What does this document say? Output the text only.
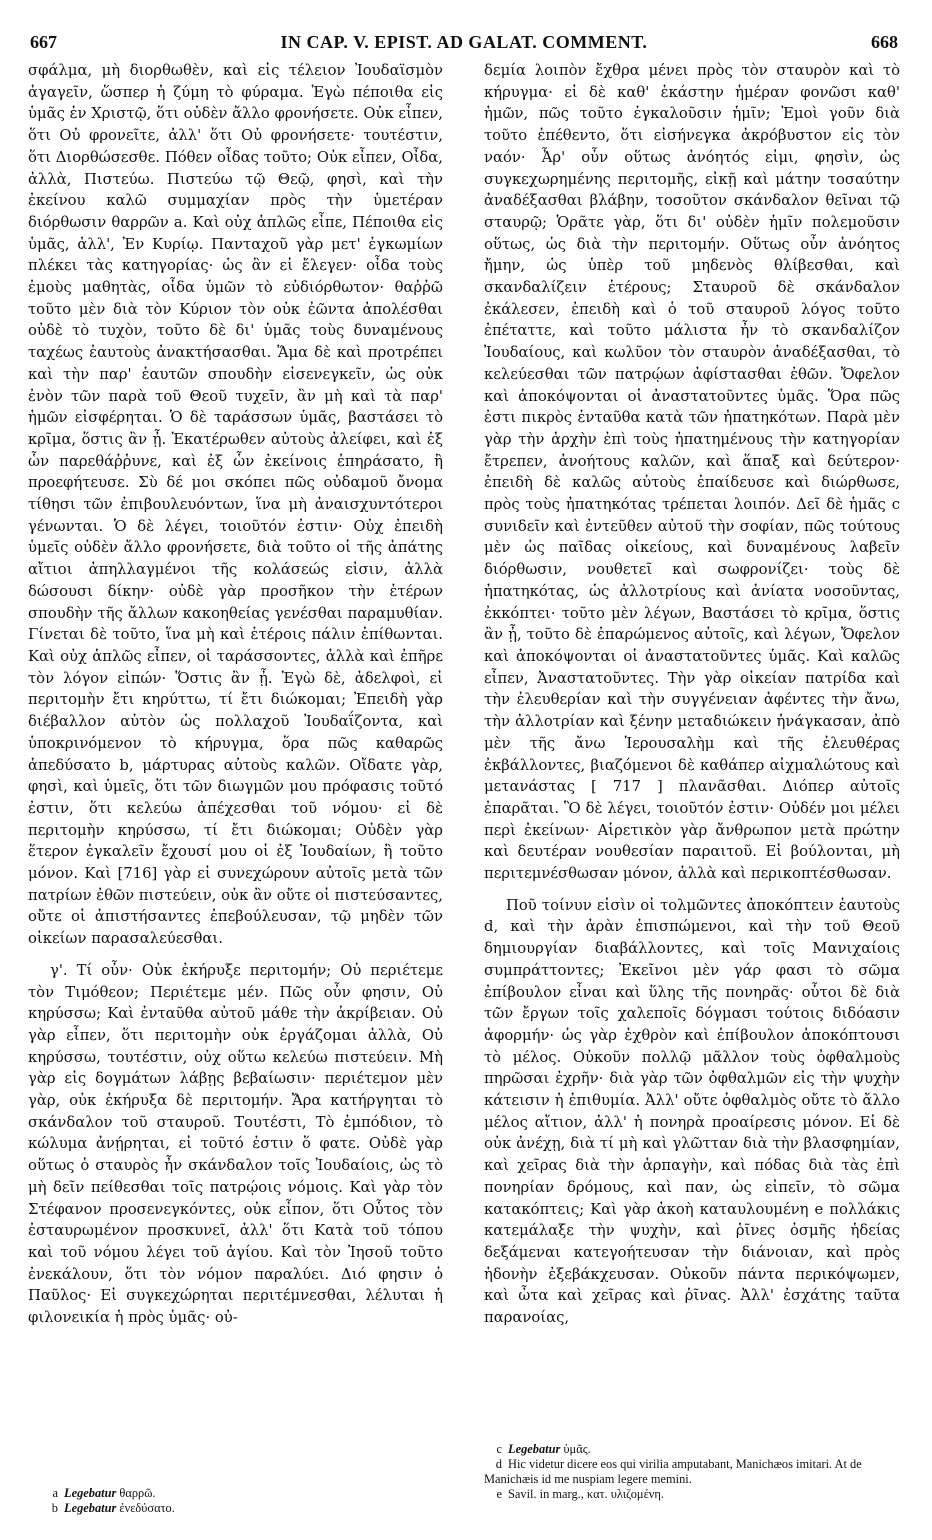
667	IN CAP. V. EPIST. AD GALAT. COMMENT.	668

σφάλμα, μὴ διορθωθὲν, καὶ εἰς τέλειον Ἰουδαϊσμὸν ἀγαγεῖν, ὥσπερ ἡ ζύμη τὸ φύραμα. Ἐγὼ πέποιθα εἰς ὑμᾶς ἐν Χριστῷ, ὅτι οὐδὲν ἄλλο φρονήσετε. Οὐκ εἶπεν, ὅτι Οὐ φρονεῖτε, ἀλλ' ὅτι Οὐ φρονήσετε· τουτέστιν, ὅτι Διορθώσεσθε. Πόθεν οἶδας τοῦτο; Οὐκ εἶπεν, Οἶδα, ἀλλὰ, Πιστεύω. Πιστεύω τῷ Θεῷ, φησὶ, καὶ τὴν ἐκείνου καλῶ συμμαχίαν πρὸς τὴν ὑμετέραν διόρθωσιν θαρρῶν a. Καὶ οὐχ ἁπλῶς εἶπε, Πέποιθα εἰς ὑμᾶς, ἀλλ', Ἐν Κυρίῳ. Πανταχοῦ γὰρ μετ' ἐγκωμίων πλέκει τὰς κατηγορίας· ὡς ἂν εἰ ἔλεγεν· οἶδα τοὺς ἐμοὺς μαθητὰς, οἶδα ὑμῶν τὸ εὐδιόρθωτον· θαῤῥῶ τοῦτο μὲν διὰ τὸν Κύριον τὸν οὐκ ἐῶντα ἀπολέσθαι οὐδὲ τὸ τυχὸν, τοῦτο δὲ δι' ὑμᾶς τοὺς δυναμένους ταχέως ἑαυτοὺς ἀνακτήσασθαι. Ἅμα δὲ καὶ προτρέπει καὶ τὴν παρ' ἑαυτῶν σπουδὴν εἰσενεγκεῖν, ὡς οὐκ ἐνὸν τῶν παρὰ τοῦ Θεοῦ τυχεῖν, ἂν μὴ καὶ τὰ παρ' ἡμῶν εἰσφέρηται. Ὁ δὲ ταράσσων ὑμᾶς, βαστάσει τὸ κρῖμα, ὅστις ἂν ᾖ. Ἑκατέρωθεν αὐτοὺς ἀλείφει, καὶ ἐξ ὧν παρεθάῤῥυνε, καὶ ἐξ ὧν ἐκείνοις ἐπηράσατο, ἢ προεφήτευσε. Σὺ δέ μοι σκόπει πῶς οὐδαμοῦ ὄνομα τίθησι τῶν ἐπιβουλευόντων, ἵνα μὴ ἀναισχυντότεροι γένωνται. Ὁ δὲ λέγει, τοιοῦτόν ἐστιν· Οὐχ ἐπειδὴ ὑμεῖς οὐδὲν ἄλλο φρονήσετε, διὰ τοῦτο οἱ τῆς ἀπάτης αἴτιοι ἀπηλλαγμένοι τῆς κολάσεώς εἰσιν, ἀλλὰ δώσουσι δίκην· οὐδὲ γὰρ προσῆκον τὴν ἑτέρων σπουδὴν τῆς ἄλλων κακοηθείας γενέσθαι παραμυθίαν. Γίνεται δὲ τοῦτο, ἵνα μὴ καὶ ἑτέροις πάλιν ἐπίθωνται. Καὶ οὐχ ἁπλῶς εἶπεν, οἱ ταράσσοντες, ἀλλὰ καὶ ἐπῆρε τὸν λόγον εἰπών· Ὅστις ἂν ᾖ. Ἐγὼ δὲ, ἀδελφοὶ, εἰ περιτομὴν ἔτι κηρύττω, τί ἔτι διώκομαι; Ἐπειδὴ γὰρ διέβαλλον αὐτὸν ὡς πολλαχοῦ Ἰουδαΐζοντα, καὶ ὑποκρινόμενον τὸ κήρυγμα, ὅρα πῶς καθαρῶς ἀπεδύσατο b, μάρτυρας αὐτοὺς καλῶν. Οἴδατε γὰρ, φησὶ, καὶ ὑμεῖς, ὅτι τῶν διωγμῶν μου πρόφασις τοῦτό ἐστιν, ὅτι κελεύω ἀπέχεσθαι τοῦ νόμου· εἰ δὲ περιτομὴν κηρύσσω, τί ἔτι διώκομαι; Οὐδὲν γὰρ ἕτερον ἐγκαλεῖν ἔχουσί μου οἱ ἐξ Ἰουδαίων, ἢ τοῦτο μόνον. Καὶ [716] γὰρ εἰ συνεχώρουν αὐτοῖς μετὰ τῶν πατρίων ἐθῶν πιστεύειν, οὐκ ἂν οὔτε οἱ πιστεύσαντες, οὔτε οἱ ἀπιστήσαντες ἐπεβούλευσαν, τῷ μηδὲν τῶν οἰκείων παρασαλεύεσθαι.

γ'. Τί οὖν· Οὐκ ἐκήρυξε περιτομήν; Οὐ περιέτεμε τὸν Τιμόθεον; Περιέτεμε μέν. Πῶς οὖν φησιν, Οὐ κηρύσσω; Καὶ ἐνταῦθα αὐτοῦ μάθε τὴν ἀκρίβειαν. Οὐ γὰρ εἶπεν, ὅτι περιτομὴν οὐκ ἐργάζομαι ἀλλὰ, Οὐ κηρύσσω, τουτέστιν, οὐχ οὕτω κελεύω πιστεύειν. Μὴ γὰρ εἰς δογμάτων λάβῃς βεβαίωσιν· περιέτεμον μὲν γὰρ, οὐκ ἐκήρυξα δὲ περιτομήν. Ἄρα κατήργηται τὸ σκάνδαλον τοῦ σταυροῦ. Τουτέστι, Τὸ ἐμπόδιον, τὸ κώλυμα ἀνῄρηται, εἰ τοῦτό ἐστιν ὅ φατε. Οὐδὲ γὰρ οὕτως ὁ σταυρὸς ἦν σκάνδαλον τοῖς Ἰουδαίοις, ὡς τὸ μὴ δεῖν πείθεσθαι τοῖς πατρῴοις νόμοις. Καὶ γὰρ τὸν Στέφανον προσενεγκόντες, οὐκ εἶπον, ὅτι Οὗτος τὸν ἐσταυρωμένον προσκυνεῖ, ἀλλ' ὅτι Κατὰ τοῦ τόπου καὶ τοῦ νόμου λέγει τοῦ ἁγίου. Καὶ τὸν Ἰησοῦ τοῦτο ἐνεκάλουν, ὅτι τὸν νόμον παραλύει. Διό φησιν ὁ Παῦλος· Εἰ συγκεχώρηται περιτέμνεσθαι, λέλυται ἡ φιλονεικία ἡ πρὸς ὑμᾶς· οὐ-

δεμία λοιπὸν ἔχθρα μένει πρὸς τὸν σταυρὸν καὶ τὸ κήρυγμα· εἰ δὲ καθ' ἑκάστην ἡμέραν φονῶσι καθ' ἡμῶν, πῶς τοῦτο ἐγκαλοῦσιν ἡμῖν; Ἐμοὶ γοῦν διὰ τοῦτο ἐπέθεντο, ὅτι εἰσήνεγκα ἀκρόβυστον εἰς τὸν ναόν· Ἆρ' οὖν οὕτως ἀνόητός εἰμι, φησὶν, ὡς συγκεχωρημένης περιτομῆς, εἰκῇ καὶ μάτην τοσαύτην ἀναδέξασθαι βλάβην, τοσοῦτον σκάνδαλον θεῖναι τῷ σταυρῷ; Ὁρᾶτε γὰρ, ὅτι δι' οὐδὲν ἡμῖν πολεμοῦσιν οὕτως, ὡς διὰ τὴν περιτομήν. Οὕτως οὖν ἀνόητος ἤμην, ὡς ὑπὲρ τοῦ μηδενὸς θλίβεσθαι, καὶ σκανδαλίζειν ἑτέρους; Σταυροῦ δὲ σκάνδαλον ἐκάλεσεν, ἐπειδὴ καὶ ὁ τοῦ σταυροῦ λόγος τοῦτο ἐπέταττε, καὶ τοῦτο μάλιστα ἦν τὸ σκανδαλίζον Ἰουδαίους, καὶ κωλῦον τὸν σταυρὸν ἀναδέξασθαι, τὸ κελεύεσθαι τῶν πατρῴων ἀφίστασθαι ἐθῶν. Ὄφελον καὶ ἀποκόψονται οἱ ἀναστατοῦντες ὑμᾶς. Ὅρα πῶς ἐστι πικρὸς ἐνταῦθα κατὰ τῶν ἠπατηκότων. Παρὰ μὲν γὰρ τὴν ἀρχὴν ἐπὶ τοὺς ἠπατημένους τὴν κατηγορίαν ἔτρεπεν, ἀνοήτους καλῶν, καὶ ἅπαξ καὶ δεύτερον· ἐπειδὴ δὲ καλῶς αὐτοὺς ἐπαίδευσε καὶ διώρθωσε, πρὸς τοὺς ἠπατηκότας τρέπεται λοιπόν. Δεῖ δὲ ἡμᾶς c συνιδεῖν καὶ ἐντεῦθεν αὐτοῦ τὴν σοφίαν, πῶς τούτους μὲν ὡς παῖδας οἰκείους, καὶ δυναμένους λαβεῖν διόρθωσιν, νουθετεῖ καὶ σωφρονίζει· τοὺς δὲ ἠπατηκότας, ὡς ἀλλοτρίους καὶ ἀνίατα νοσοῦντας, ἐκκόπτει· τοῦτο μὲν λέγων, Βαστάσει τὸ κρῖμα, ὅστις ἂν ᾖ, τοῦτο δὲ ἐπαρώμενος αὐτοῖς, καὶ λέγων, Ὄφελον καὶ ἀποκόψονται οἱ ἀναστατοῦντες ὑμᾶς. Καὶ καλῶς εἶπεν, Ἀναστατοῦντες. Τὴν γὰρ οἰκείαν πατρίδα καὶ τὴν ἐλευθερίαν καὶ τὴν συγγένειαν ἀφέντες τὴν ἄνω, τὴν ἀλλοτρίαν καὶ ξένην μεταδιώκειν ἠνάγκασαν, ἀπὸ μὲν τῆς ἄνω Ἱερουσαλὴμ καὶ τῆς ἐλευθέρας ἐκβάλλοντες, βιαζόμενοι δὲ καθάπερ αἰχμαλώτους καὶ μετανάστας [ 717 ] πλανᾶσθαι. Διόπερ αὐτοῖς ἐπαρᾶται. Ὃ δὲ λέγει, τοιοῦτόν ἐστιν· Οὐδέν μοι μέλει περὶ ἐκείνων· Αἱρετικὸν γὰρ ἄνθρωπον μετὰ πρώτην καὶ δευτέραν νουθεσίαν παραιτοῦ. Εἰ βούλονται, μὴ περιτεμνέσθωσαν μόνον, ἀλλὰ καὶ περικοπτέσθωσαν.

Ποῦ τοίνυν εἰσὶν οἱ τολμῶντες ἀποκόπτειν ἑαυτοὺς d, καὶ τὴν ἀρὰν ἐπισπώμενοι, καὶ τὴν τοῦ Θεοῦ δημιουργίαν διαβάλλοντες, καὶ τοῖς Μανιχαίοις συμπράττοντες; Ἐκεῖνοι μὲν γάρ φασι τὸ σῶμα ἐπίβουλον εἶναι καὶ ὕλης τῆς πονηρᾶς· οὗτοι δὲ διὰ τῶν ἔργων τοῖς χαλεποῖς δόγμασι τούτοις διδόασιν ἀφορμήν· ὡς γὰρ ἐχθρὸν καὶ ἐπίβουλον ἀποκόπτουσι τὸ μέλος. Οὐκοῦν πολλῷ μᾶλλον τοὺς ὀφθαλμοὺς πηρῶσαι ἐχρῆν· διὰ γὰρ τῶν ὀφθαλμῶν εἰς τὴν ψυχὴν κάτεισιν ἡ ἐπιθυμία. Ἀλλ' οὔτε ὀφθαλμὸς οὔτε τὸ ἄλλο μέλος αἴτιον, ἀλλ' ἡ πονηρὰ προαίρεσις μόνον. Εἰ δὲ οὐκ ἀνέχῃ, διὰ τί μὴ καὶ γλῶτταν διὰ τὴν βλασφημίαν, καὶ χεῖρας διὰ τὴν ἁρπαγὴν, καὶ πόδας διὰ τὰς ἐπὶ πονηρίαν δρόμους, καὶ παν, ὡς εἰπεῖν, τὸ σῶμα κατακόπτεις; Καὶ γὰρ ἀκοὴ καταυλουμένη e πολλάκις κατεμάλαξε τὴν ψυχὴν, καὶ ῥῖνες ὀσμῆς ἡδείας δεξάμεναι κατεγοήτευσαν τὴν διάνοιαν, καὶ πρὸς ἡδονὴν ἐξεβάκχευσαν. Οὐκοῦν πάντα περικόψωμεν, καὶ ὦτα καὶ χεῖρας καὶ ῥῖνας. Ἀλλ' ἐσχάτης ταῦτα παρανοίας,

a Legebatur θαρρῶ.
b Legebatur ἐνεδύσατο.
c Legebatur ὑμᾶς.
d Hic videtur dicere eos qui virilia amputabant, Manichæos imitari. At de Manichæis id me nuspiam legere memini.
e Savil. in marg., κατ. υλιζομένη.
